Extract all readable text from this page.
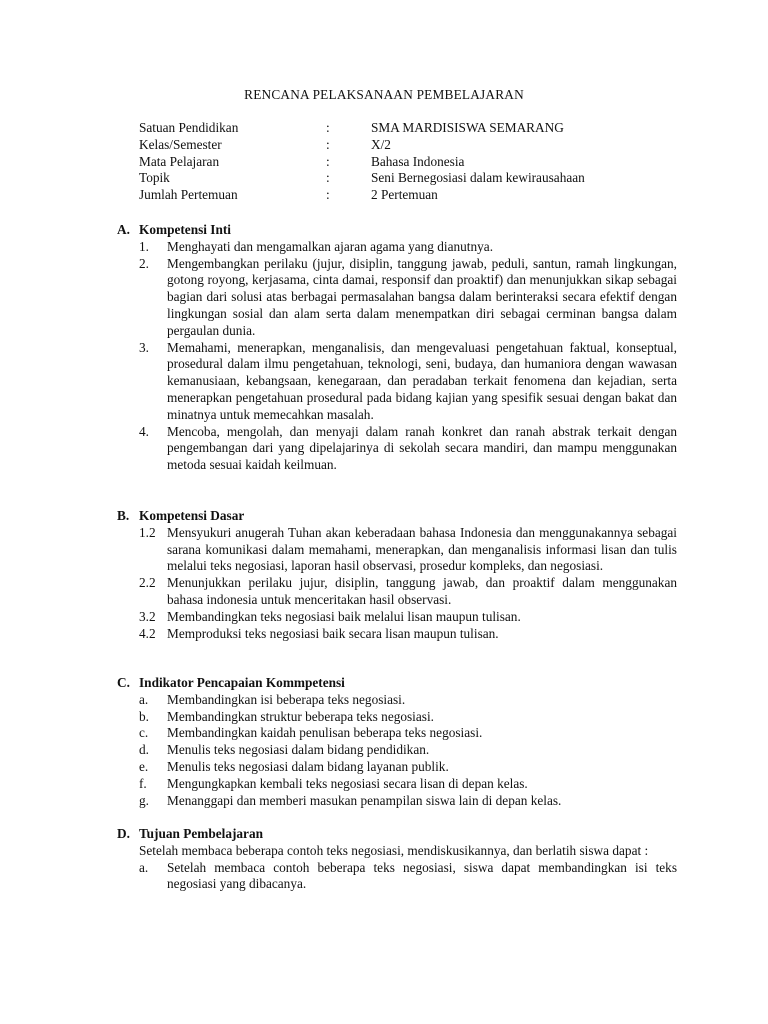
RENCANA PELAKSANAAN PEMBELAJARAN
Satuan Pendidikan	:	SMA MARDISISWA SEMARANG
Kelas/Semester	:	X/2
Mata Pelajaran	:	Bahasa Indonesia
Topik	:	Seni Bernegosiasi dalam kewirausahaan
Jumlah Pertemuan	:	2 Pertemuan
A. Kompetensi Inti
1. Menghayati dan mengamalkan ajaran agama yang dianutnya.
2. Mengembangkan perilaku (jujur, disiplin, tanggung jawab, peduli, santun, ramah lingkungan, gotong royong, kerjasama, cinta damai, responsif dan proaktif) dan menunjukkan sikap sebagai bagian dari solusi atas berbagai permasalahan bangsa dalam berinteraksi secara efektif dengan lingkungan sosial dan alam serta dalam menempatkan diri sebagai cerminan bangsa dalam pergaulan dunia.
3. Memahami, menerapkan, menganalisis, dan mengevaluasi pengetahuan faktual, konseptual, prosedural dalam ilmu pengetahuan, teknologi, seni, budaya, dan humaniora dengan wawasan kemanusiaan, kebangsaan, kenegaraan, dan peradaban terkait fenomena dan kejadian, serta menerapkan pengetahuan prosedural pada bidang kajian yang spesifik sesuai dengan bakat dan minatnya untuk memecahkan masalah.
4. Mencoba, mengolah, dan menyaji dalam ranah konkret dan ranah abstrak terkait dengan pengembangan dari yang dipelajarinya di sekolah secara mandiri, dan mampu menggunakan metoda sesuai kaidah keilmuan.
B. Kompetensi Dasar
1.2 Mensyukuri anugerah Tuhan akan keberadaan bahasa Indonesia dan menggunakannya sebagai sarana komunikasi dalam memahami, menerapkan, dan menganalisis informasi lisan dan tulis melalui teks negosiasi, laporan hasil observasi, prosedur kompleks, dan negosiasi.
2.2 Menunjukkan perilaku jujur, disiplin, tanggung jawab, dan proaktif dalam menggunakan bahasa indonesia untuk menceritakan hasil observasi.
3.2 Membandingkan teks negosiasi baik melalui lisan maupun tulisan.
4.2 Memproduksi teks negosiasi baik secara lisan maupun tulisan.
C. Indikator Pencapaian Kommpetensi
a. Membandingkan isi beberapa teks negosiasi.
b. Membandingkan struktur beberapa teks negosiasi.
c. Membandingkan kaidah penulisan beberapa teks negosiasi.
d. Menulis teks negosiasi dalam bidang pendidikan.
e. Menulis teks negosiasi dalam bidang layanan publik.
f. Mengungkapkan kembali teks negosiasi secara lisan di depan kelas.
g. Menanggapi dan memberi masukan penampilan siswa lain di depan kelas.
D. Tujuan Pembelajaran
Setelah membaca beberapa contoh teks negosiasi, mendiskusikannya, dan berlatih siswa dapat :
a. Setelah membaca contoh beberapa teks negosiasi, siswa dapat membandingkan isi teks negosiasi yang dibacanya.
